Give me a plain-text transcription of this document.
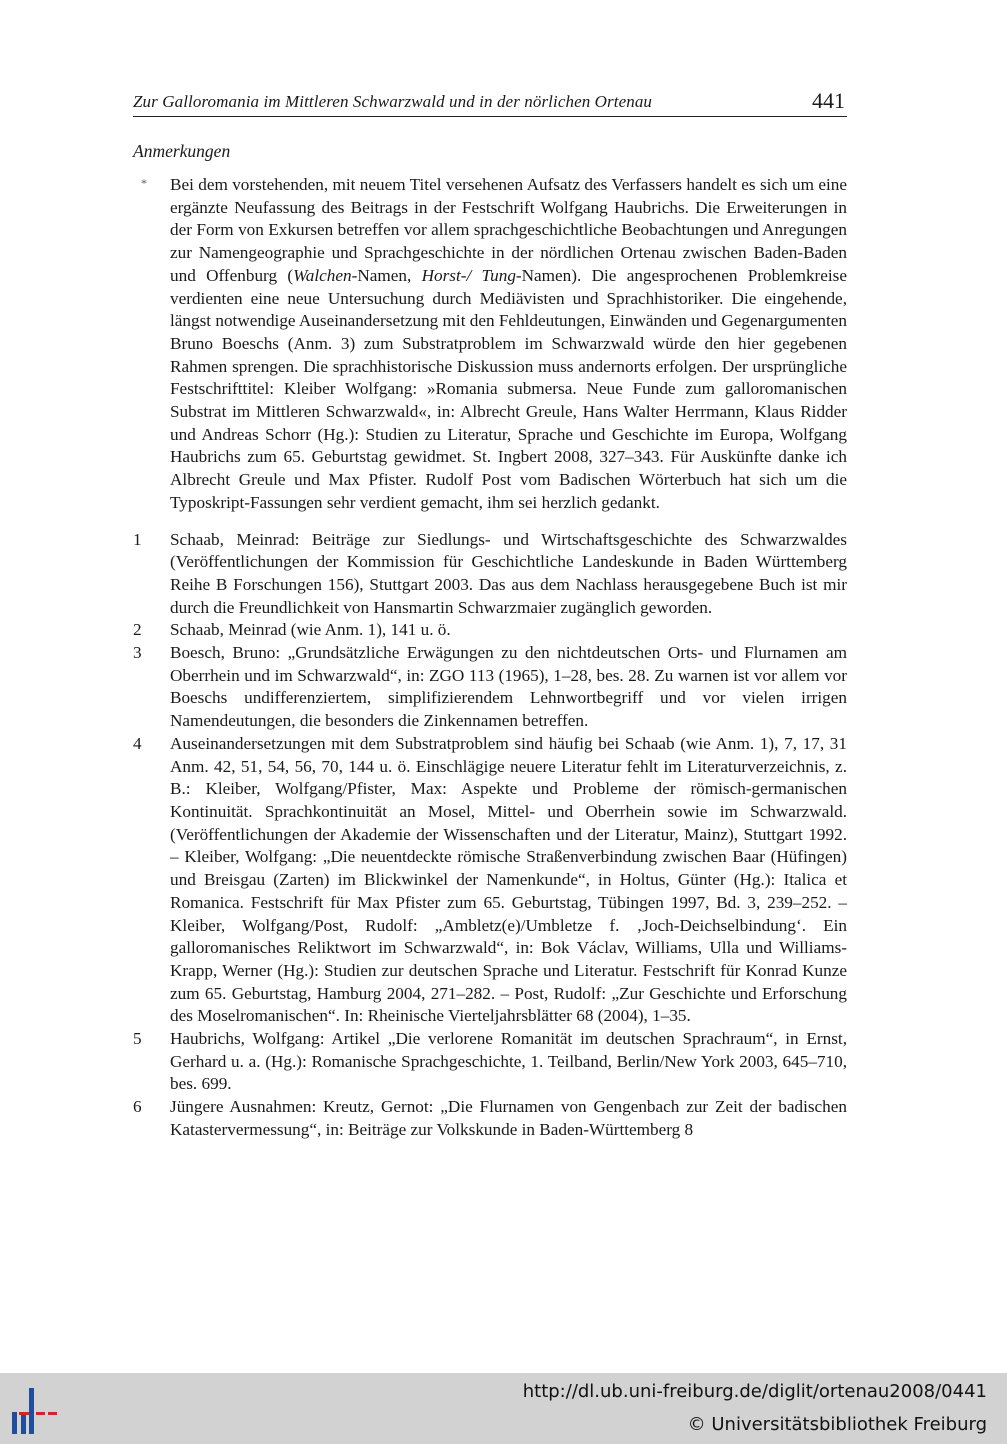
Zur Galloromania im Mittleren Schwarzwald und in der nörlichen Ortenau	441
Anmerkungen
* Bei dem vorstehenden, mit neuem Titel versehenen Aufsatz des Verfassers handelt es sich um eine ergänzte Neufassung des Beitrags in der Festschrift Wolfgang Haubrichs. Die Erweiterungen in der Form von Exkursen betreffen vor allem sprachgeschichtliche Beobachtungen und Anregungen zur Namengeographie und Sprachgeschichte in der nördlichen Ortenau zwischen Baden-Baden und Offenburg (Walchen-Namen, Horst-/ Tung-Namen). Die angesprochenen Problemkreise verdienten eine neue Untersuchung durch Mediävisten und Sprachhistoriker. Die eingehende, längst notwendige Auseinandersetzung mit den Fehldeutungen, Einwänden und Gegenargumenten Bruno Boeschs (Anm. 3) zum Substratproblem im Schwarzwald würde den hier gegebenen Rahmen sprengen. Die sprachhistorische Diskussion muss andernorts erfolgen. Der ursprüngliche Festschrifttitel: Kleiber Wolfgang: »Romania submersa. Neue Funde zum galloromanischen Substrat im Mittleren Schwarzwald«, in: Albrecht Greule, Hans Walter Herrmann, Klaus Ridder und Andreas Schorr (Hg.): Studien zu Literatur, Sprache und Geschichte im Europa, Wolfgang Haubrichs zum 65. Geburtstag gewidmet. St. Ingbert 2008, 327–343. Für Auskünfte danke ich Albrecht Greule und Max Pfister. Rudolf Post vom Badischen Wörterbuch hat sich um die Typoskript-Fassungen sehr verdient gemacht, ihm sei herzlich gedankt.
1 Schaab, Meinrad: Beiträge zur Siedlungs- und Wirtschaftsgeschichte des Schwarzwaldes (Veröffentlichungen der Kommission für Geschichtliche Landeskunde in Baden Württemberg Reihe B Forschungen 156), Stuttgart 2003. Das aus dem Nachlass herausgegebene Buch ist mir durch die Freundlichkeit von Hansmartin Schwarzmaier zugänglich geworden.
2 Schaab, Meinrad (wie Anm. 1), 141 u. ö.
3 Boesch, Bruno: „Grundsätzliche Erwägungen zu den nichtdeutschen Orts- und Flurnamen am Oberrhein und im Schwarzwald“, in: ZGO 113 (1965), 1–28, bes. 28. Zu warnen ist vor allem vor Boeschs undifferenziertem, simplifizierendem Lehnwortbegriff und vor vielen irrigen Namendeutungen, die besonders die Zinkennamen betreffen.
4 Auseinandersetzungen mit dem Substratproblem sind häufig bei Schaab (wie Anm. 1), 7, 17, 31 Anm. 42, 51, 54, 56, 70, 144 u. ö. Einschlägige neuere Literatur fehlt im Literaturverzeichnis, z. B.: Kleiber, Wolfgang/Pfister, Max: Aspekte und Probleme der römisch-germanischen Kontinuität. Sprachkontinuität an Mosel, Mittel- und Oberrhein sowie im Schwarzwald. (Veröffentlichungen der Akademie der Wissenschaften und der Literatur, Mainz), Stuttgart 1992. – Kleiber, Wolfgang: „Die neuentdeckte römische Straßenverbindung zwischen Baar (Hüfingen) und Breisgau (Zarten) im Blickwinkel der Namenkunde“, in Holtus, Günter (Hg.): Italica et Romanica. Festschrift für Max Pfister zum 65. Geburtstag, Tübingen 1997, Bd. 3, 239–252. – Kleiber, Wolfgang/Post, Rudolf: „Ambletz(e)/Umbletze f. ‚Joch-Deichselbindung‘. Ein galloromanisches Reliktwort im Schwarzwald“, in: Bok Václav, Williams, Ulla und Williams-Krapp, Werner (Hg.): Studien zur deutschen Sprache und Literatur. Festschrift für Konrad Kunze zum 65. Geburtstag, Hamburg 2004, 271–282. – Post, Rudolf: „Zur Geschichte und Erforschung des Moselromanischen“. In: Rheinische Vierteljahrsblätter 68 (2004), 1–35.
5 Haubrichs, Wolfgang: Artikel „Die verlorene Romanität im deutschen Sprachraum“, in Ernst, Gerhard u. a. (Hg.): Romanische Sprachgeschichte, 1. Teilband, Berlin/New York 2003, 645–710, bes. 699.
6 Jüngere Ausnahmen: Kreutz, Gernot: „Die Flurnamen von Gengenbach zur Zeit der badischen Katastervermessung“, in: Beiträge zur Volkskunde in Baden-Württemberg 8
http://dl.ub.uni-freiburg.de/diglit/ortenau2008/0441
© Universitätsbibliothek Freiburg
